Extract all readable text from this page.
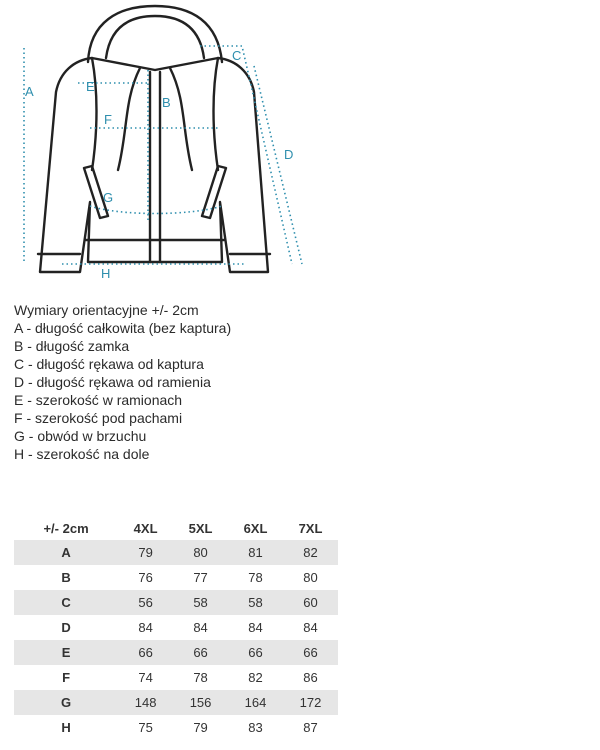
A	E
B
C
D
F
G
H
Wymiary orientacyjne +/- 2cm
A - długość całkowita (bez kaptura)
B - długość zamka
C - długość rękawa od kaptura
D - długość rękawa od ramienia
E - szerokość w ramionach
F - szerokość pod pachami
G - obwód w brzuchu
H - szerokość na dole
+/- 2cm	4XL	5XL	6XL	7XL
A	79	80	81	82
B	76	77	78	80
C	56	58	58	60
D	84	84	84	84
E	66	66	66	66
F	74	78	82	86
G	148	156	164	172
H	75	79	83	87
